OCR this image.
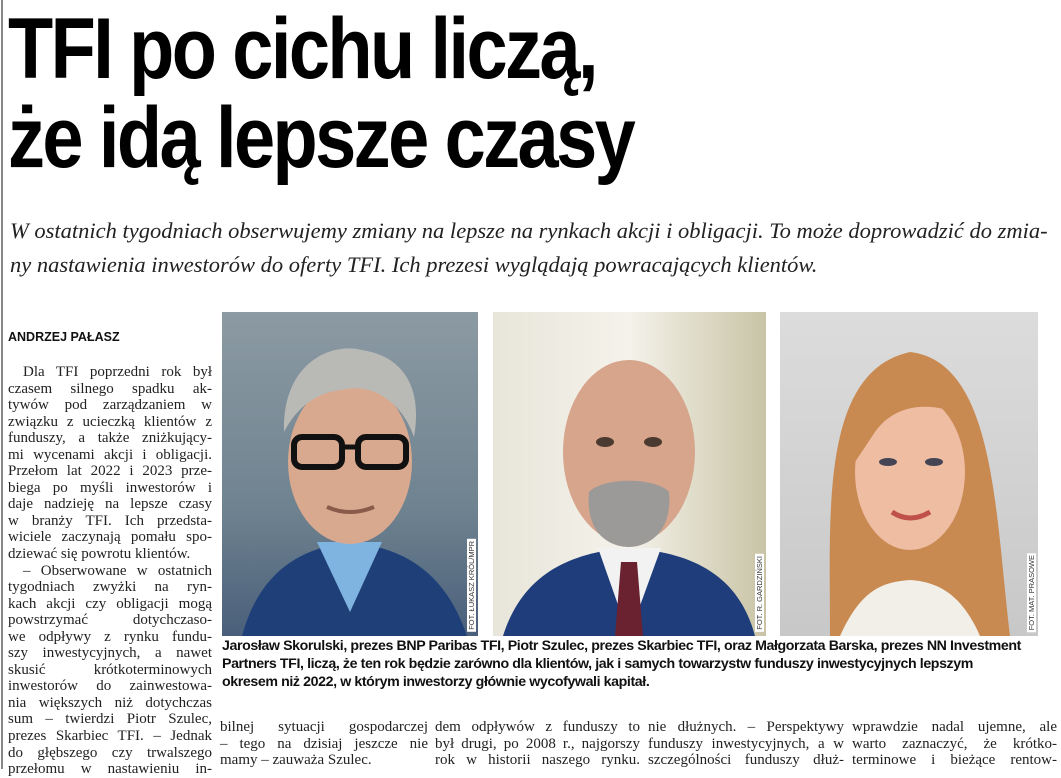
TFI po cichu liczą,
że idą lepsze czasy
W ostatnich tygodniach obserwujemy zmiany na lepsze na rynkach akcji i obligacji. To może doprowadzić do zmia-
ny nastawienia inwestorów do oferty TFI. Ich prezesi wyglądają powracających klientów.
ANDRZEJ PAŁASZ
 Dla TFI poprzedni rok był
czasem silnego spadku ak-
tywów pod zarządzaniem w
związku z ucieczką klientów z
funduszy, a także zniżkujący-
mi wycenami akcji i obligacji.
Przełom lat 2022 i 2023 prze-
biega po myśli inwestorów i
daje nadzieję na lepsze czasy
w branży TFI. Ich przedsta-
wiciele zaczynają pomału spo-
dziewać się powrotu klientów.
 – Obserwowane w ostatnich
tygodniach zwyżki na ryn-
kach akcji czy obligacji mogą
powstrzymać dotychczaso-
we odpływy z rynku fundu-
szy inwestycyjnych, a nawet
skusić krótkoterminowych
inwestorów do zainwestowa-
nia większych niż dotychczas
sum – twierdzi Piotr Szulec,
prezes Skarbiec TFI. – Jednak
do głębszego czy trwalszego
przełomu w nastawieniu in-
FOT. ŁUKASZ KRÓL/MPR	FOT. R. GARDZIŃSKI	FOT. MAT. PRASOWE
Jarosław Skorulski, prezes BNP Paribas TFI, Piotr Szulec, prezes Skarbiec TFI, oraz Małgorzata Barska, prezes NN Investment
Partners TFI, liczą, że ten rok będzie zarówno dla klientów, jak i samych towarzystw funduszy inwestycyjnych lepszym
okresem niż 2022, w którym inwestorzy głównie wycofywali kapitał.
bilnej sytuacji gospodarczej
– tego na dzisiaj jeszcze nie
mamy – zauważa Szulec.
dem odpływów z funduszy to
był drugi, po 2008 r., najgorszy
rok w historii naszego rynku.
nie dłużnych. – Perspektywy
funduszy inwestycyjnych, a w
szczególności funduszy dłuż-
wprawdzie nadal ujemne, ale
warto zaznaczyć, że krótko-
terminowe i bieżące rentow-
